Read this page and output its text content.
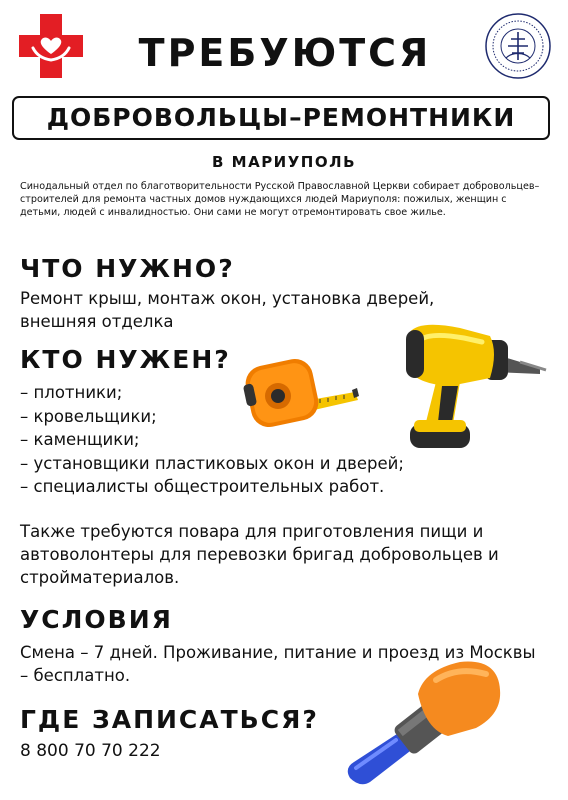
ТРЕБУЮТСЯ
ДОБРОВОЛЬЦЫ–РЕМОНТНИКИ
В МАРИУПОЛЬ
Синодальный отдел по благотворительности Русской Православной Церкви собирает добровольцев–строителей для ремонта частных домов нуждающихся людей Мариуполя: пожилых, женщин с детьми, людей с инвалидностью. Они сами не могут отремонтировать свое жилье.
ЧТО НУЖНО?
Ремонт крыш, монтаж окон, установка дверей, внешняя отделка
КТО НУЖЕН?
– плотники;
– кровельщики;
– каменщики;
– установщики пластиковых окон и дверей;
– специалисты общестроительных работ.
Также требуются повара для приготовления пищи и автоволонтеры для перевозки бригад добровольцев и стройматериалов.
УСЛОВИЯ
Смена – 7 дней. Проживание, питание и проезд из Москвы – бесплатно.
ГДЕ ЗАПИСАТЬСЯ?
8 800 70 70 222
